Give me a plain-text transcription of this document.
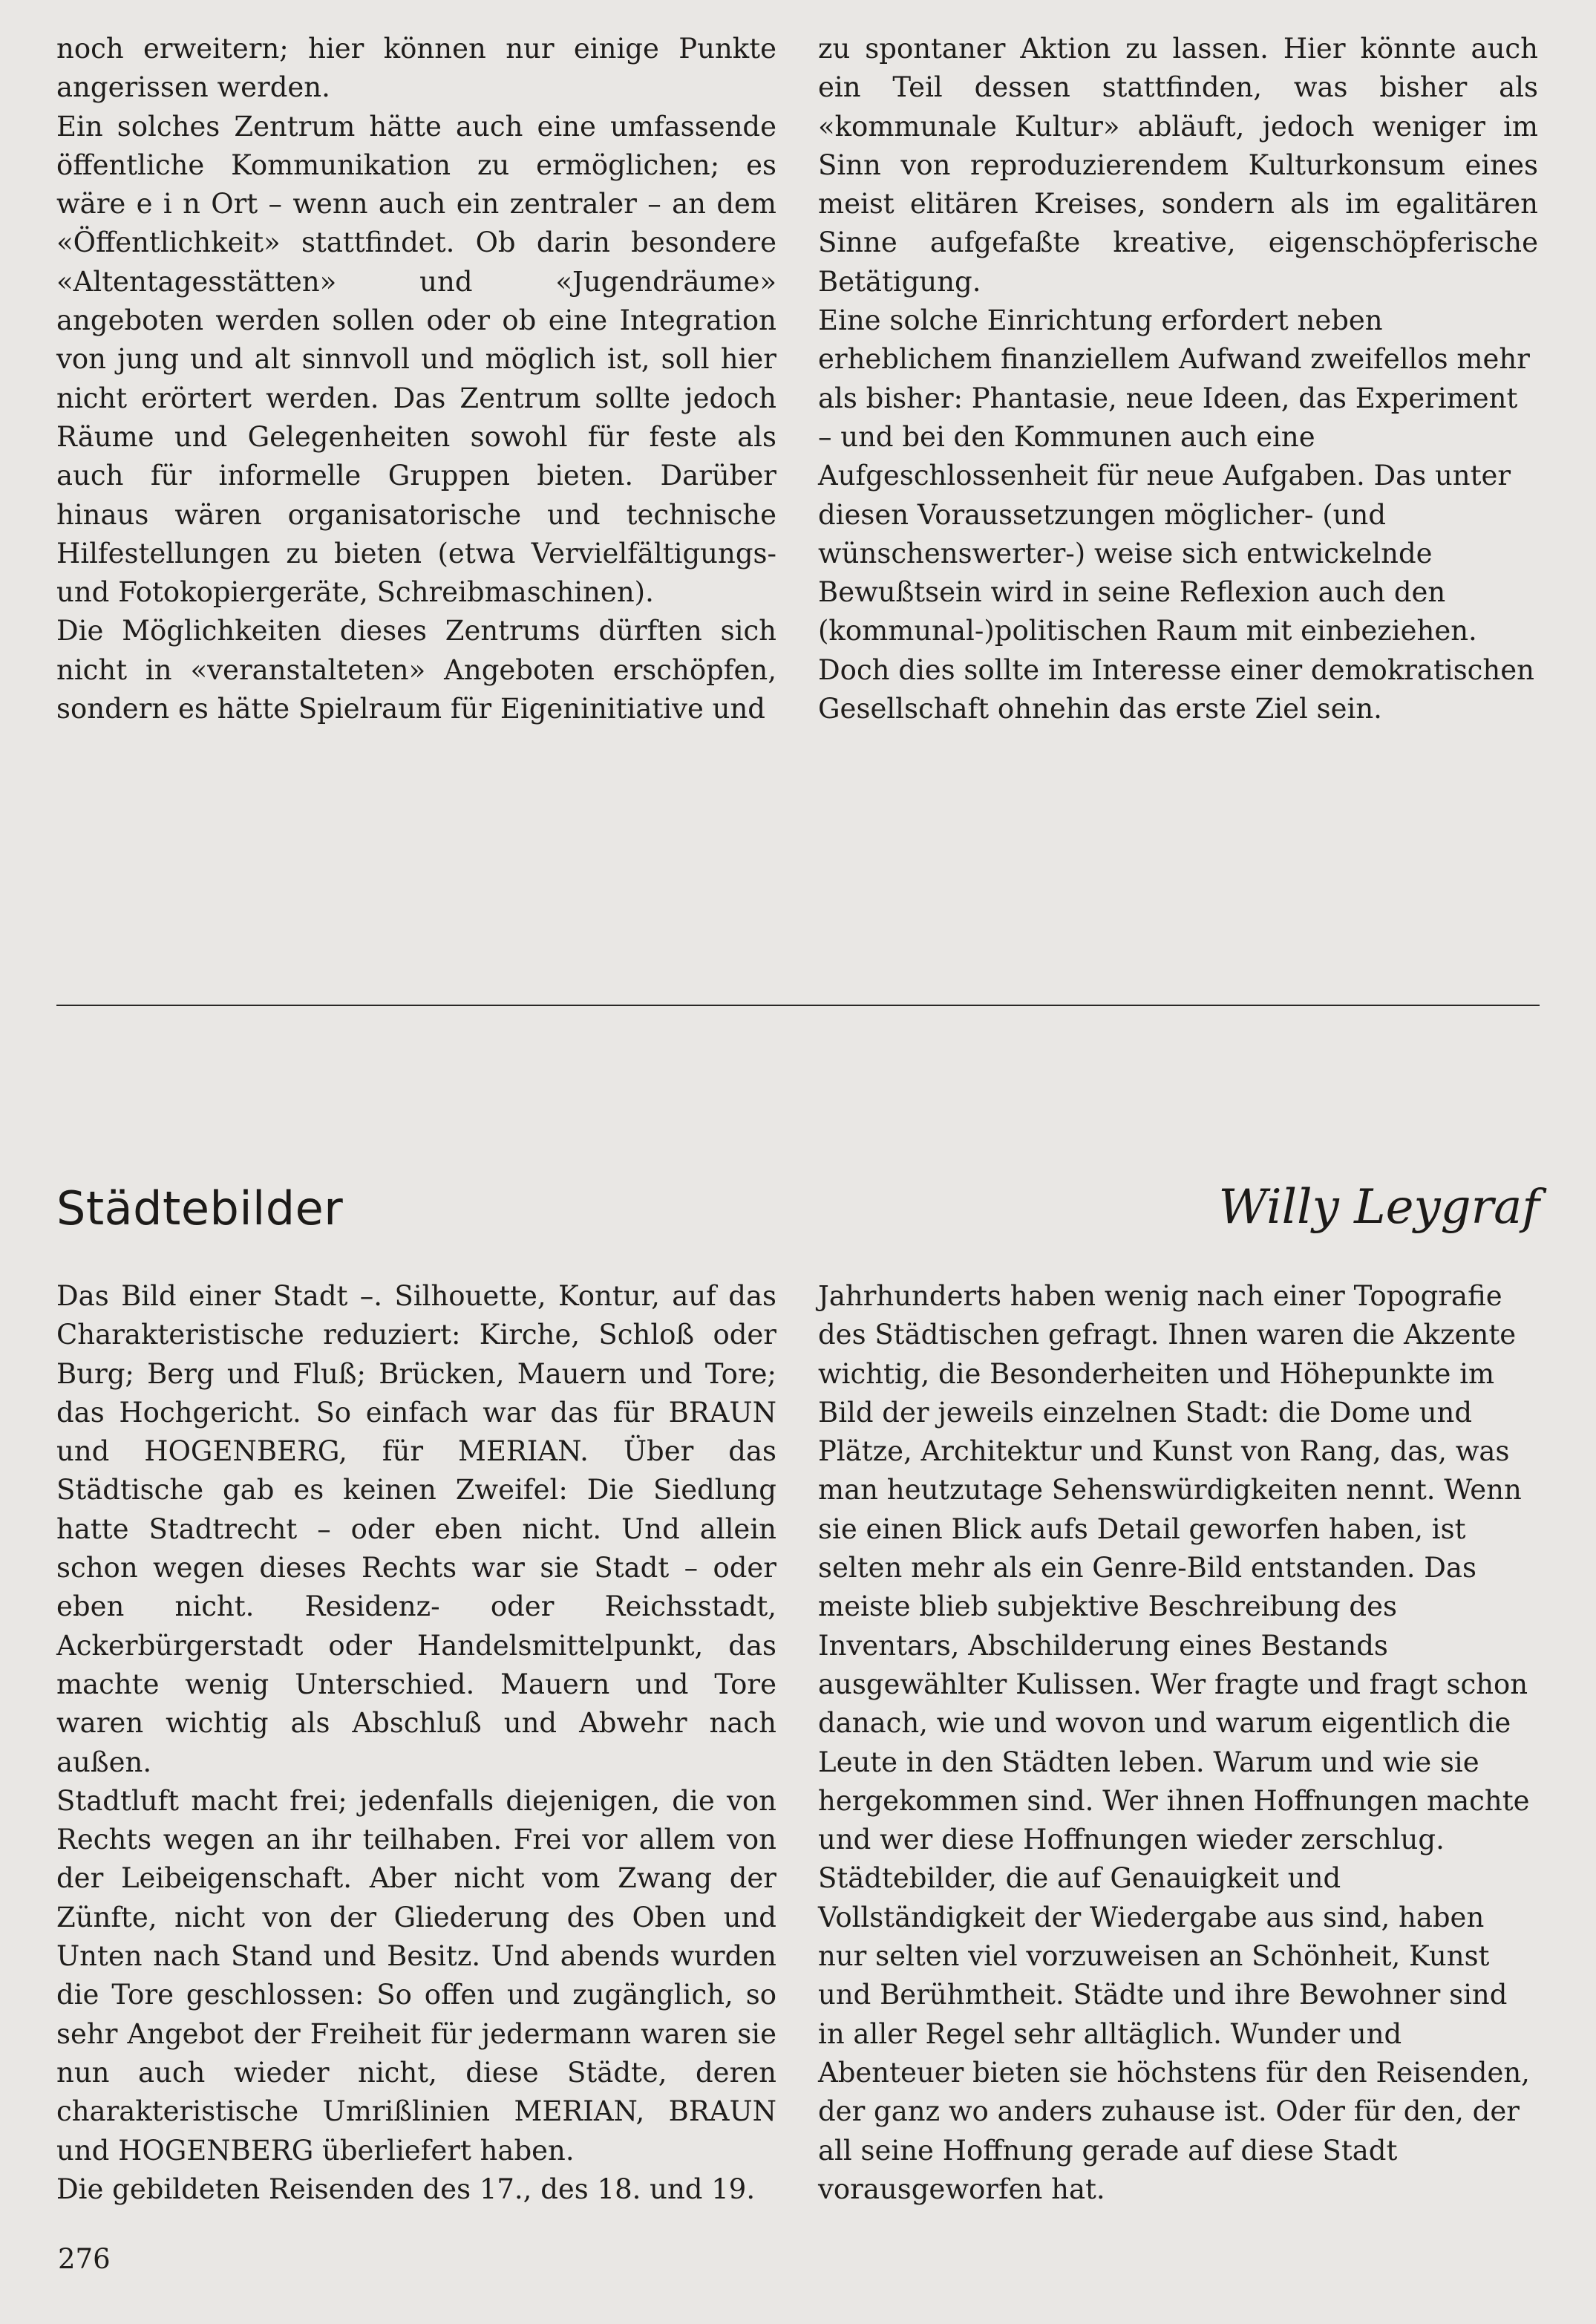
noch erweitern; hier können nur einige Punkte angerissen werden.

Ein solches Zentrum hätte auch eine umfassende öffentliche Kommunikation zu ermöglichen; es wäre e i n Ort – wenn auch ein zentraler – an dem «Öffentlichkeit» stattfindet. Ob darin besondere «Altentagesstätten» und «Jugendräume» angeboten werden sollen oder ob eine Integration von jung und alt sinnvoll und möglich ist, soll hier nicht erörtert werden. Das Zentrum sollte jedoch Räume und Gelegenheiten sowohl für feste als auch für informelle Gruppen bieten. Darüber hinaus wären organisatorische und technische Hilfestellungen zu bieten (etwa Vervielfältigungs- und Fotokopiergeräte, Schreibmaschinen).

Die Möglichkeiten dieses Zentrums dürften sich nicht in «veranstalteten» Angeboten erschöpfen, sondern es hätte Spielraum für Eigeninitiative und

zu spontaner Aktion zu lassen. Hier könnte auch ein Teil dessen stattfinden, was bisher als «kommunale Kultur» abläuft, jedoch weniger im Sinn von reproduzierendem Kulturkonsum eines meist elitären Kreises, sondern als im egalitären Sinne aufgefaßte kreative, eigenschöpferische Betätigung.

Eine solche Einrichtung erfordert neben erheblichem finanziellem Aufwand zweifellos mehr als bisher: Phantasie, neue Ideen, das Experiment – und bei den Kommunen auch eine Aufgeschlossenheit für neue Aufgaben. Das unter diesen Voraussetzungen möglicher- (und wünschenswerter-) weise sich entwickelnde Bewußtsein wird in seine Reflexion auch den (kommunal-)politischen Raum mit einbeziehen. Doch dies sollte im Interesse einer demokratischen Gesellschaft ohnehin das erste Ziel sein.

Städtebilder	Willy Leygraf

Das Bild einer Stadt –. Silhouette, Kontur, auf das Charakteristische reduziert: Kirche, Schloß oder Burg; Berg und Fluß; Brücken, Mauern und Tore; das Hochgericht. So einfach war das für BRAUN und HOGENBERG, für MERIAN. Über das Städtische gab es keinen Zweifel: Die Siedlung hatte Stadtrecht – oder eben nicht. Und allein schon wegen dieses Rechts war sie Stadt – oder eben nicht. Residenz- oder Reichsstadt, Ackerbürgerstadt oder Handelsmittelpunkt, das machte wenig Unterschied. Mauern und Tore waren wichtig als Abschluß und Abwehr nach außen.

Stadtluft macht frei; jedenfalls diejenigen, die von Rechts wegen an ihr teilhaben. Frei vor allem von der Leibeigenschaft. Aber nicht vom Zwang der Zünfte, nicht von der Gliederung des Oben und Unten nach Stand und Besitz. Und abends wurden die Tore geschlossen: So offen und zugänglich, so sehr Angebot der Freiheit für jedermann waren sie nun auch wieder nicht, diese Städte, deren charakteristische Umrißlinien MERIAN, BRAUN und HOGENBERG überliefert haben.

Die gebildeten Reisenden des 17., des 18. und 19.

Jahrhunderts haben wenig nach einer Topografie des Städtischen gefragt. Ihnen waren die Akzente wichtig, die Besonderheiten und Höhepunkte im Bild der jeweils einzelnen Stadt: die Dome und Plätze, Architektur und Kunst von Rang, das, was man heutzutage Sehenswürdigkeiten nennt. Wenn sie einen Blick aufs Detail geworfen haben, ist selten mehr als ein Genre-Bild entstanden. Das meiste blieb subjektive Beschreibung des Inventars, Abschilderung eines Bestands ausgewählter Kulissen. Wer fragte und fragt schon danach, wie und wovon und warum eigentlich die Leute in den Städten leben. Warum und wie sie hergekommen sind. Wer ihnen Hoffnungen machte und wer diese Hoffnungen wieder zerschlug. Städtebilder, die auf Genauigkeit und Vollständigkeit der Wiedergabe aus sind, haben nur selten viel vorzuweisen an Schönheit, Kunst und Berühmtheit. Städte und ihre Bewohner sind in aller Regel sehr alltäglich. Wunder und Abenteuer bieten sie höchstens für den Reisenden, der ganz wo anders zuhause ist. Oder für den, der all seine Hoffnung gerade auf diese Stadt vorausgeworfen hat.

276
